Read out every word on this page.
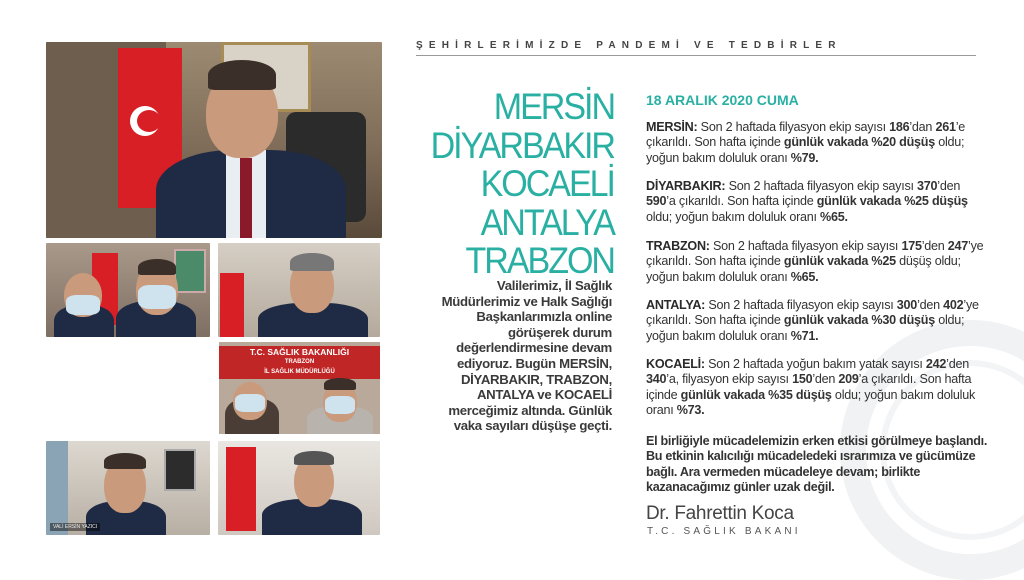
T.C. SAĞLIK BAKANLIĞI
TRABZON
İL SAĞLIK MÜDÜRLÜĞÜ
VALİ ERSİN YAZICI
ŞEHİRLERİMİZDE PANDEMİ VE TEDBİRLER
MERSİN
DİYARBAKIR
KOCAELİ
ANTALYA
TRABZON
Valilerimiz, İl Sağlık Müdürlerimiz ve Halk Sağlığı Başkanlarımızla online görüşerek durum değerlendirmesine devam ediyoruz. Bugün MERSİN, DİYARBAKIR, TRABZON, ANTALYA ve KOCAELİ merceğimiz altında. Günlük vaka sayıları düşüşe geçti.
18 ARALIK 2020 CUMA
MERSİN: Son 2 haftada filyasyon ekip sayısı 186’dan 261’e çıkarıldı. Son hafta içinde günlük vakada %20 düşüş oldu; yoğun bakım doluluk oranı %79.
DİYARBAKIR: Son 2 haftada filyasyon ekip sayısı 370’den 590’a çıkarıldı. Son hafta içinde günlük vakada %25 düşüş oldu; yoğun bakım doluluk oranı %65.
TRABZON: Son 2 haftada filyasyon ekip sayısı 175’den 247’ye çıkarıldı. Son hafta içinde günlük vakada %25 düşüş oldu; yoğun bakım doluluk oranı %65.
ANTALYA: Son 2 haftada filyasyon ekip sayısı 300’den 402’ye çıkarıldı. Son hafta içinde günlük vakada %30 düşüş oldu; yoğun bakım doluluk oranı %71.
KOCAELİ: Son 2 haftada yoğun bakım yatak sayısı 242’den 340’a, filyasyon ekip sayısı 150’den 209’a çıkarıldı. Son hafta içinde günlük vakada %35 düşüş oldu; yoğun bakım doluluk oranı %73.
El birliğiyle mücadelemizin erken etkisi görülmeye başlandı. Bu etkinin kalıcılığı mücadeledeki ısrarımıza ve gücümüze bağlı. Ara vermeden mücadeleye devam; birlikte kazanacağımız günler uzak değil.
Dr. Fahrettin Koca
T.C. SAĞLIK BAKANI
